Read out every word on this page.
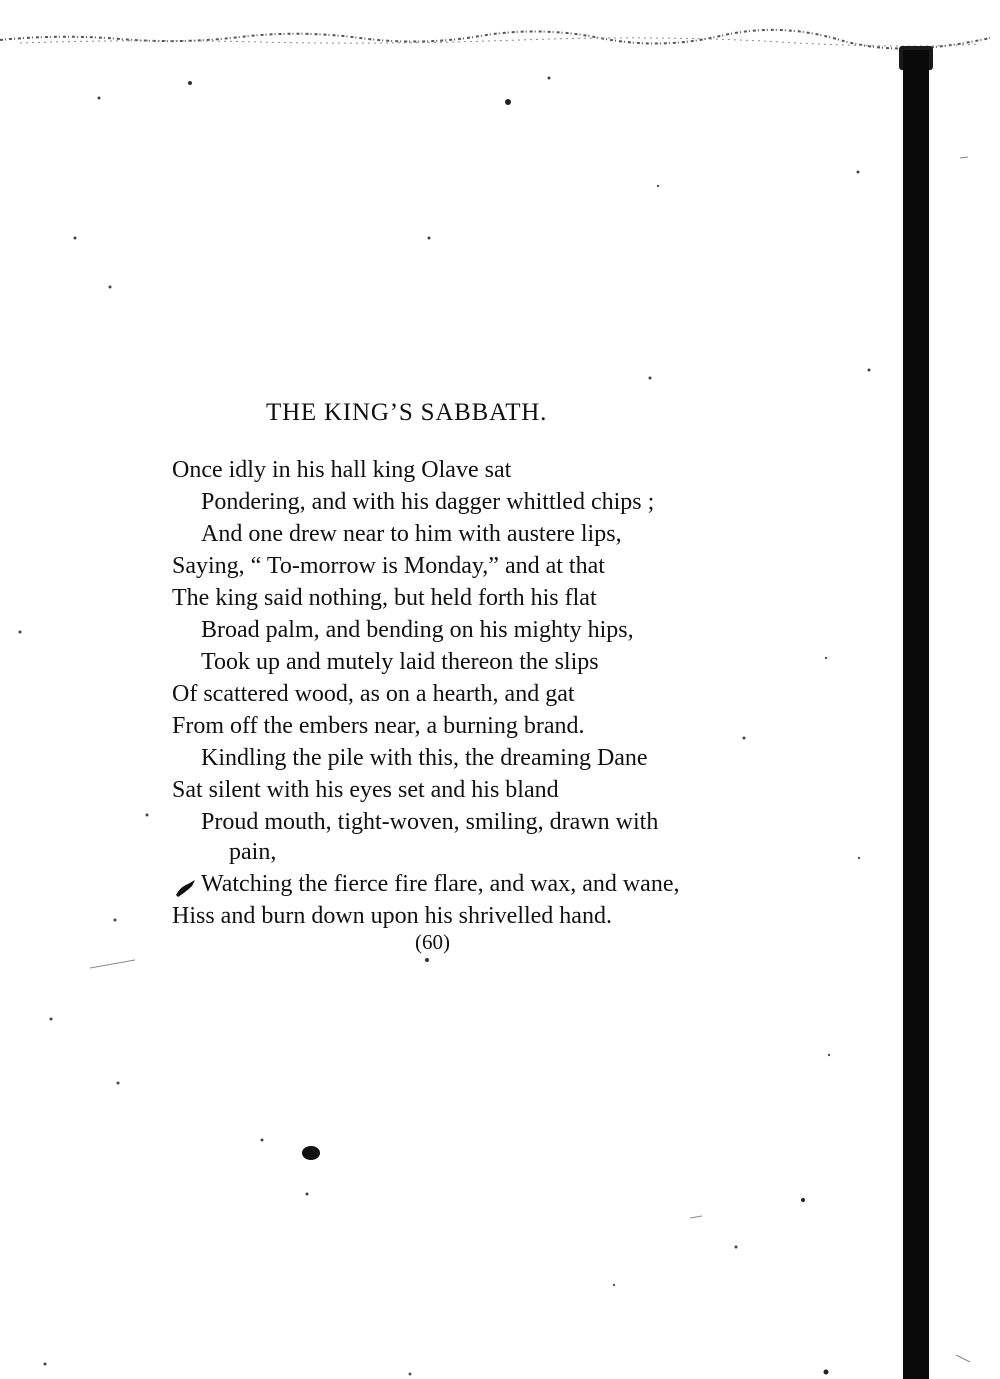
THE KING’S SABBATH.
Once idly in his hall king Olave sat
Pondering, and with his dagger whittled chips ;
And one drew near to him with austere lips,
Saying, “ To-morrow is Monday,” and at that
The king said nothing, but held forth his flat
Broad palm, and bending on his mighty hips,
Took up and mutely laid thereon the slips
Of scattered wood, as on a hearth, and gat
From off the embers near, a burning brand.
Kindling the pile with this, the dreaming Dane
Sat silent with his eyes set and his bland
Proud mouth, tight-woven, smiling, drawn with
pain,
Watching the fierce fire flare, and wax, and wane,
Hiss and burn down upon his shrivelled hand.
(60)
